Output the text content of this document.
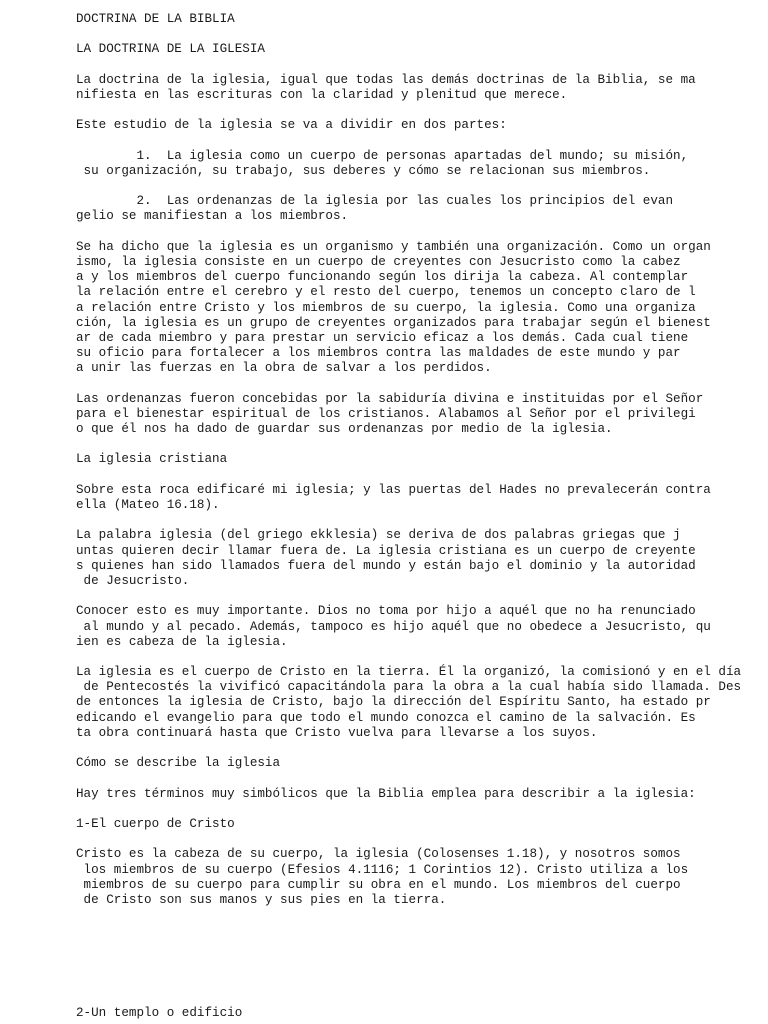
DOCTRINA DE LA BIBLIA
LA DOCTRINA DE LA IGLESIA
La doctrina de la iglesia, igual que todas las demás doctrinas de la Biblia, se ma
nifiesta en las escrituras con la claridad y plenitud que merece.
Este estudio de la iglesia se va a dividir en dos partes:
1.  La iglesia como un cuerpo de personas apartadas del mundo; su misión,
su organización, su trabajo, sus deberes y cómo se relacionan sus miembros.
2.  Las ordenanzas de la iglesia por las cuales los principios del evan
gelio se manifiestan a los miembros.
Se ha dicho que la iglesia es un organismo y también una organización. Como un organ
ismo, la iglesia consiste en un cuerpo de creyentes con Jesucristo como la cabez
a y los miembros del cuerpo funcionando según los dirija la cabeza. Al contemplar
la relación entre el cerebro y el resto del cuerpo, tenemos un concepto claro de l
a relación entre Cristo y los miembros de su cuerpo, la iglesia. Como una organiza
ción, la iglesia es un grupo de creyentes organizados para trabajar según el bienest
ar de cada miembro y para prestar un servicio eficaz a los demás. Cada cual tiene
su oficio para fortalecer a los miembros contra las maldades de este mundo y par
a unir las fuerzas en la obra de salvar a los perdidos.
Las ordenanzas fueron concebidas por la sabiduría divina e instituidas por el Señor
para el bienestar espiritual de los cristianos. Alabamos al Señor por el privilegi
o que él nos ha dado de guardar sus ordenanzas por medio de la iglesia.
La iglesia cristiana
Sobre esta roca edificaré mi iglesia; y las puertas del Hades no prevalecerán contra
ella (Mateo 16.18).
La palabra iglesia (del griego ekklesia) se deriva de dos palabras griegas que j
untas quieren decir llamar fuera de. La iglesia cristiana es un cuerpo de creyente
s quienes han sido llamados fuera del mundo y están bajo el dominio y la autoridad
de Jesucristo.
Conocer esto es muy importante. Dios no toma por hijo a aquél que no ha renunciado
al mundo y al pecado. Además, tampoco es hijo aquél que no obedece a Jesucristo, qu
ien es cabeza de la iglesia.
La iglesia es el cuerpo de Cristo en la tierra. Él la organizó, la comisionó y en el día
de Pentecostés la vivificó capacitándola para la obra a la cual había sido llamada. Des
de entonces la iglesia de Cristo, bajo la dirección del Espíritu Santo, ha estado pr
edicando el evangelio para que todo el mundo conozca el camino de la salvación. Es
ta obra continuará hasta que Cristo vuelva para llevarse a los suyos.
Cómo se describe la iglesia
Hay tres términos muy simbólicos que la Biblia emplea para describir a la iglesia:
1-El cuerpo de Cristo
Cristo es la cabeza de su cuerpo, la iglesia (Colosenses 1.18), y nosotros somos
los miembros de su cuerpo (Efesios 4.1116; 1 Corintios 12). Cristo utiliza a los
miembros de su cuerpo para cumplir su obra en el mundo. Los miembros del cuerpo
de Cristo son sus manos y sus pies en la tierra.
2-Un templo o edificio
